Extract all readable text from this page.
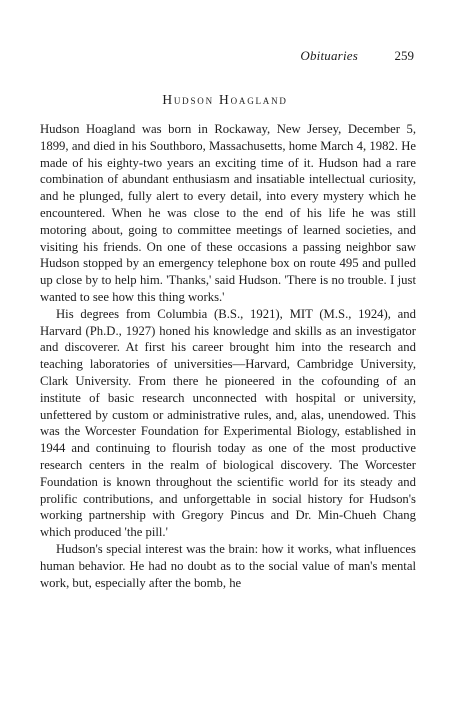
Obituaries	259
Hudson Hoagland

Hudson Hoagland was born in Rockaway, New Jersey, December 5, 1899, and died in his Southboro, Massachusetts, home March 4, 1982. He made of his eighty-two years an exciting time of it. Hudson had a rare combination of abundant enthusiasm and insatiable intellectual curiosity, and he plunged, fully alert to every detail, into every mystery which he encountered. When he was close to the end of his life he was still motoring about, going to committee meetings of learned societies, and visiting his friends. On one of these occasions a passing neighbor saw Hudson stopped by an emergency telephone box on route 495 and pulled up close by to help him. 'Thanks,' said Hudson. 'There is no trouble. I just wanted to see how this thing works.'

His degrees from Columbia (B.S., 1921), MIT (M.S., 1924), and Harvard (Ph.D., 1927) honed his knowledge and skills as an investigator and discoverer. At first his career brought him into the research and teaching laboratories of universities—Harvard, Cambridge University, Clark University. From there he pioneered in the cofounding of an institute of basic research unconnected with hospital or university, unfettered by custom or administrative rules, and, alas, unendowed. This was the Worcester Foundation for Experimental Biology, established in 1944 and continuing to flourish today as one of the most productive research centers in the realm of biological discovery. The Worcester Foundation is known throughout the scientific world for its steady and prolific contributions, and unforgettable in social history for Hudson's working partnership with Gregory Pincus and Dr. Min-Chueh Chang which produced 'the pill.'

Hudson's special interest was the brain: how it works, what influences human behavior. He had no doubt as to the social value of man's mental work, but, especially after the bomb, he
